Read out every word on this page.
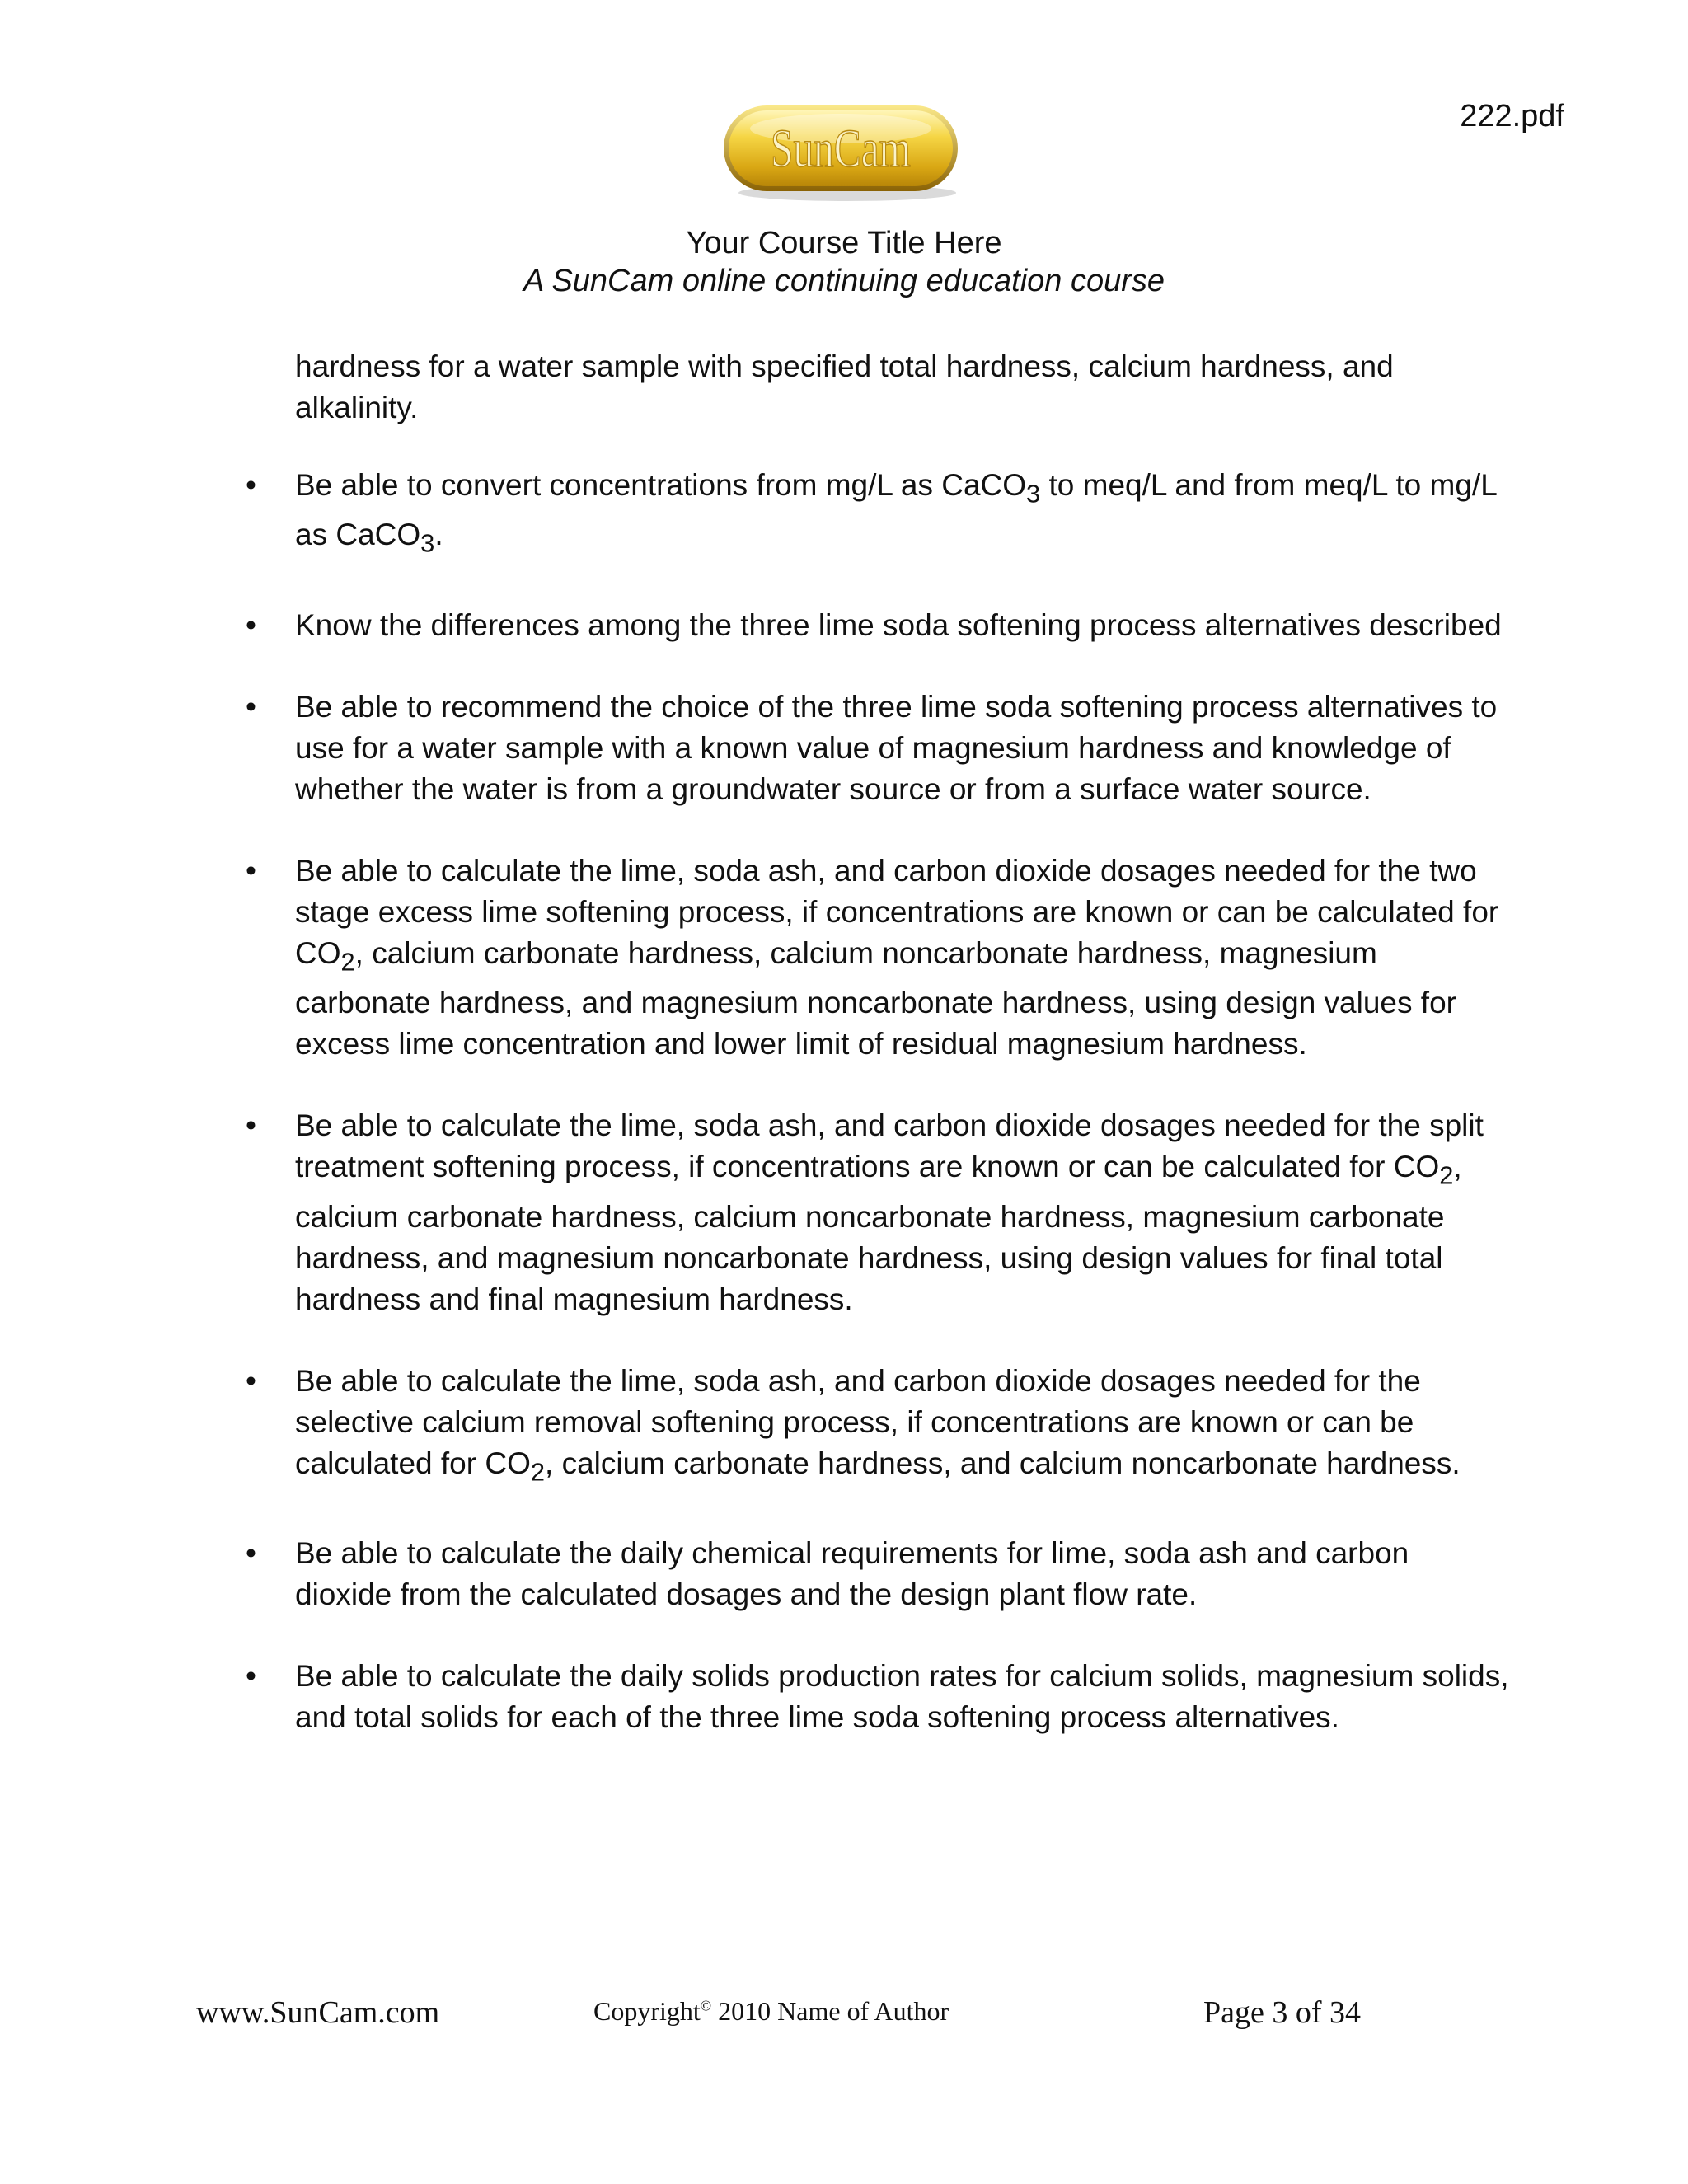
222.pdf
SunCam
Your Course Title Here
A SunCam online continuing education course
hardness for a water sample with specified total hardness, calcium hardness, and alkalinity.
• Be able to convert concentrations from mg/L as CaCO$_3$ to meq/L and from meq/L to mg/L as CaCO$_3$.
• Know the differences among the three lime soda softening process alternatives described
• Be able to recommend the choice of the three lime soda softening process alternatives to use for a water sample with a known value of magnesium hardness and knowledge of whether the water is from a groundwater source or from a surface water source.
• Be able to calculate the lime, soda ash, and carbon dioxide dosages needed for the two stage excess lime softening process, if concentrations are known or can be calculated for $CO_2$, calcium carbonate hardness, calcium noncarbonate hardness, magnesium carbonate hardness, and magnesium noncarbonate hardness, using design values for excess lime concentration and lower limit of residual magnesium hardness.
• Be able to calculate the lime, soda ash, and carbon dioxide dosages needed for the split treatment softening process, if concentrations are known or can be calculated for $CO_2$, calcium carbonate hardness, calcium noncarbonate hardness, magnesium carbonate hardness, and magnesium noncarbonate hardness, using design values for final total hardness and final magnesium hardness.
• Be able to calculate the lime, soda ash, and carbon dioxide dosages needed for the selective calcium removal softening process, if concentrations are known or can be calculated for $CO_2$, calcium carbonate hardness, and calcium noncarbonate hardness.
• Be able to calculate the daily chemical requirements for lime, soda ash and carbon dioxide from the calculated dosages and the design plant flow rate.
• Be able to calculate the daily solids production rates for calcium solids, magnesium solids, and total solids for each of the three lime soda softening process alternatives.
www.SunCam.com	Copyright© 2010 Name of Author	Page 3 of 34
